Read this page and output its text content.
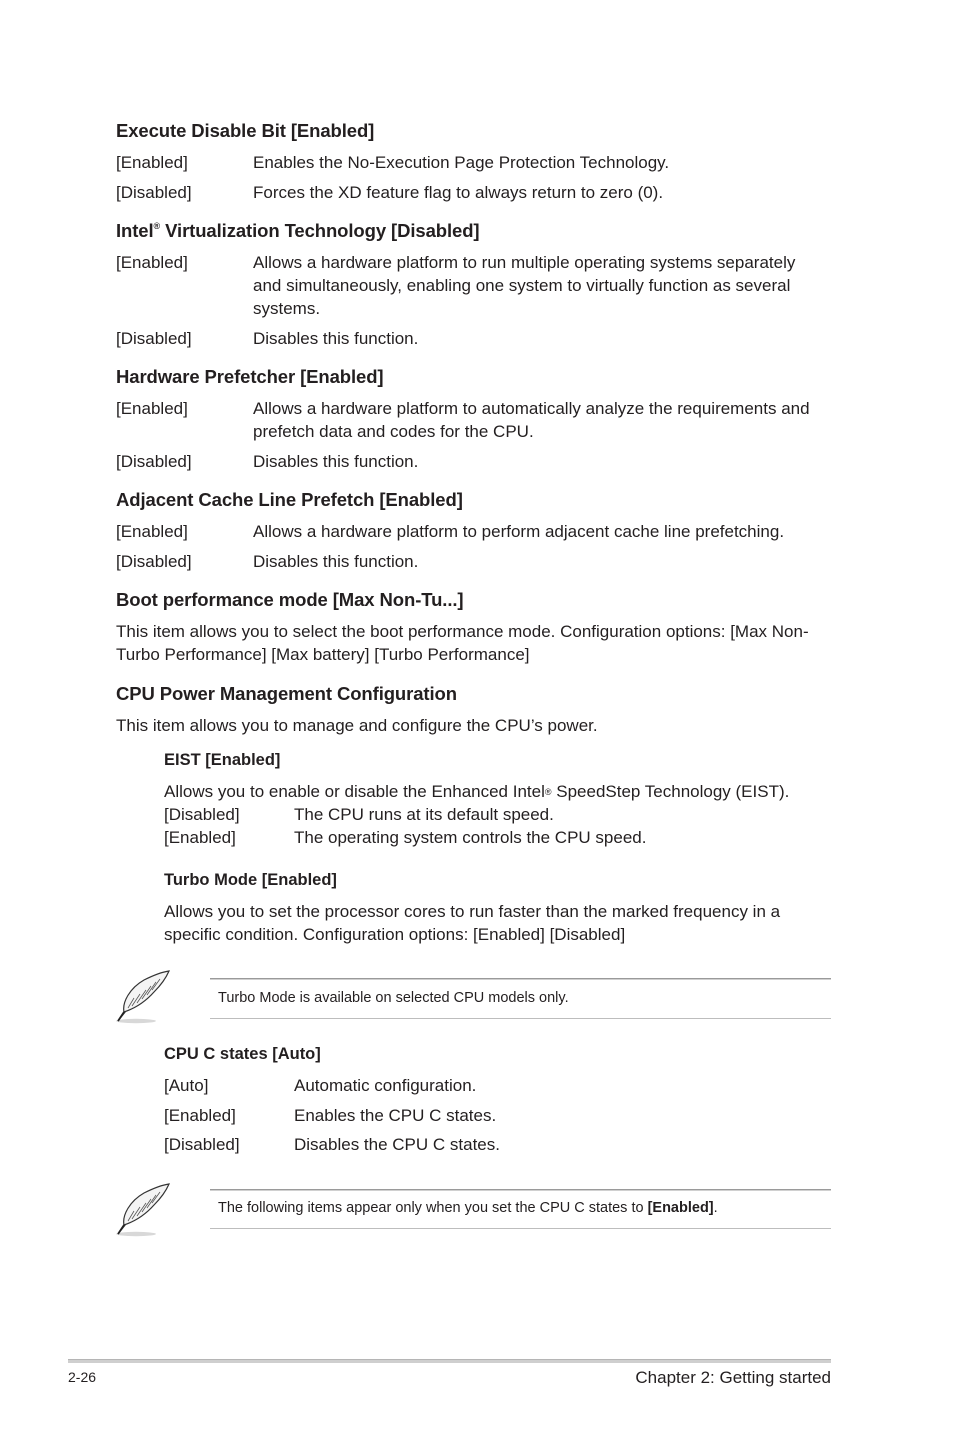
Execute Disable Bit [Enabled]
[Enabled]	Enables the No-Execution Page Protection Technology.
[Disabled]	Forces the XD feature flag to always return to zero (0).
Intel® Virtualization Technology [Disabled]
[Enabled]	Allows a hardware platform to run multiple operating systems separately and simultaneously, enabling one system to virtually function as several systems.
[Disabled]	Disables this function.
Hardware Prefetcher [Enabled]
[Enabled]	Allows a hardware platform to automatically analyze the requirements and prefetch data and codes for the CPU.
[Disabled]	Disables this function.
Adjacent Cache Line Prefetch [Enabled]
[Enabled]	Allows a hardware platform to perform adjacent cache line prefetching.
[Disabled]	Disables this function.
Boot performance mode [Max Non-Tu...]
This item allows you to select the boot performance mode. Configuration options: [Max Non-Turbo Performance] [Max battery] [Turbo Performance]
CPU Power Management Configuration
This item allows you to manage and configure the CPU’s power.
EIST [Enabled]
Allows you to enable or disable the Enhanced Intel® SpeedStep Technology (EIST).
[Disabled]	The CPU runs at its default speed.
[Enabled]	The operating system controls the CPU speed.
Turbo Mode [Enabled]
Allows you to set the processor cores to run faster than the marked frequency in a specific condition. Configuration options: [Enabled] [Disabled]
Turbo Mode is available on selected CPU models only.
CPU C states [Auto]
[Auto]	Automatic configuration.
[Enabled]	Enables the CPU C states.
[Disabled]	Disables the CPU C states.
The following items appear only when you set the CPU C states to [Enabled].
2-26	Chapter 2: Getting started
